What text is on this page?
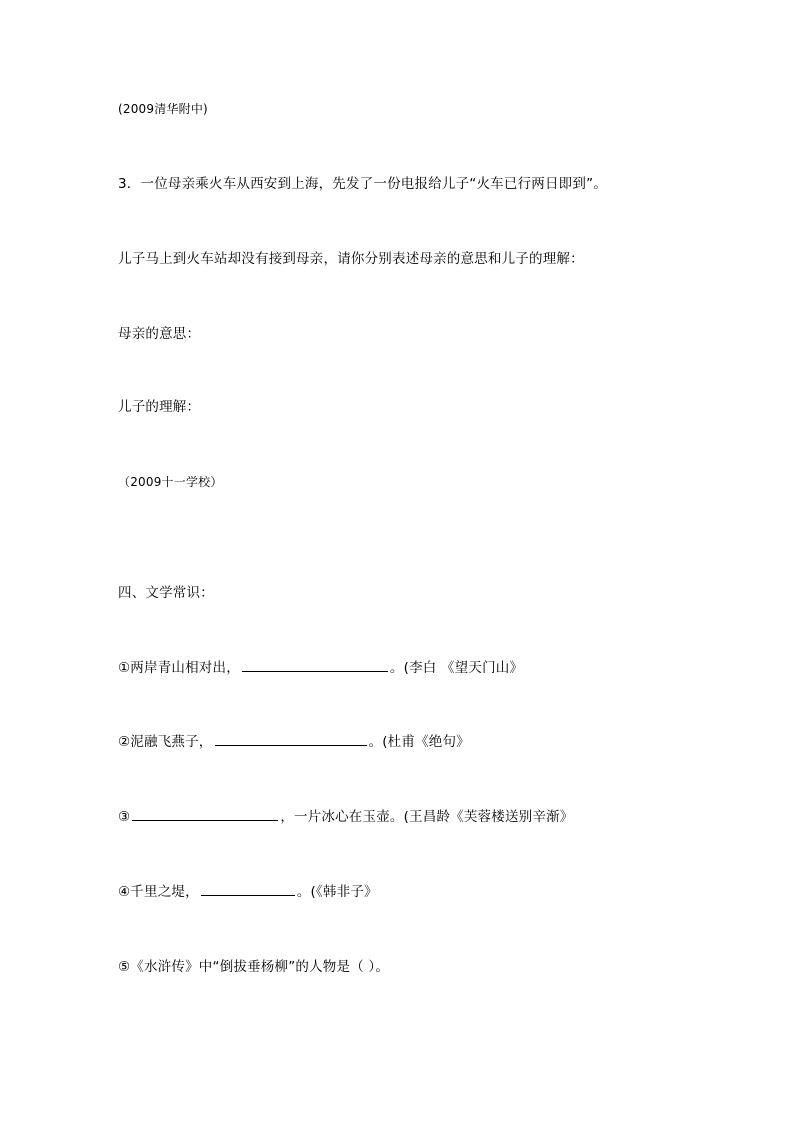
(2009清华附中)
3．一位母亲乘火车从西安到上海，先发了一份电报给儿子“火车已行两日即到”。
儿子马上到火车站却没有接到母亲，请你分别表述母亲的意思和儿子的理解：
母亲的意思：
儿子的理解：
（2009十一学校）
四、文学常识：
①两岸青山相对出，	。(李白 《望天门山》
②泥融飞燕子，	。(杜甫《绝句》
③	，一片冰心在玉壶。(王昌龄《芙蓉楼送别辛渐》
④千里之堤，	。(《韩非子》
⑤《水浒传》中“倒拔垂杨柳”的人物是（ ）。
